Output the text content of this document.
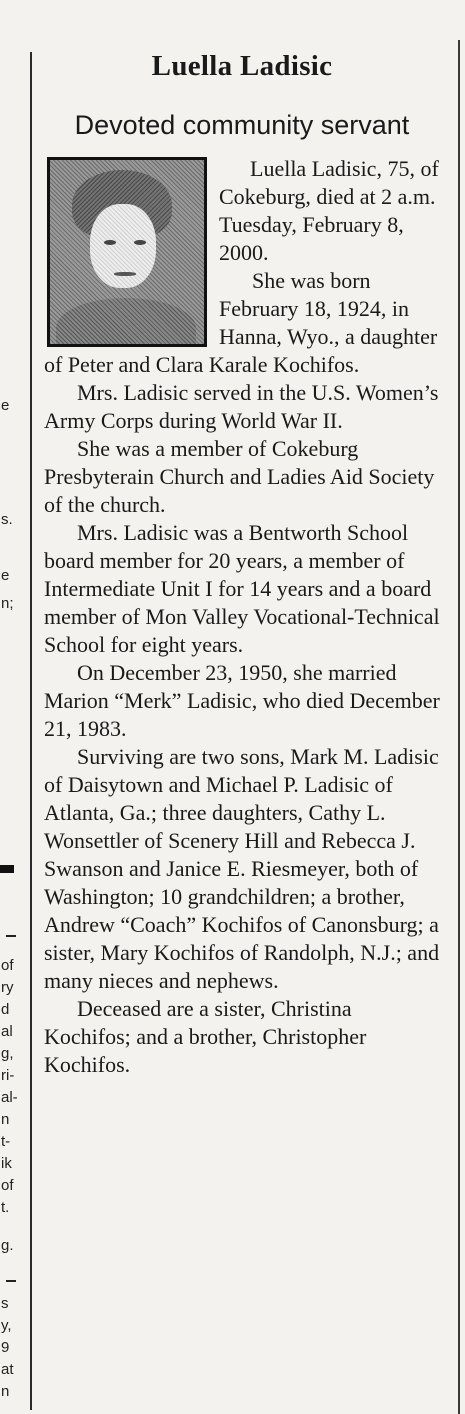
e
s.
e
n;
of
ry
d
al
g,
ri-
al-
n
t-
ik
of
t.
g.
s
y,
9
at
n
Luella Ladisic
Devoted community servant

Luella Ladisic, 75, of Cokeburg, died at 2 a.m. Tuesday, February 8, 2000.

She was born February 18, 1924, in Hanna, Wyo., a daughter of Peter and Clara Karale Kochifos.

Mrs. Ladisic served in the U.S. Women’s Army Corps during World War II.

She was a member of Cokeburg Presbyterain Church and Ladies Aid Society of the church.

Mrs. Ladisic was a Bentworth School board member for 20 years, a member of Intermediate Unit I for 14 years and a board member of Mon Valley Vocational-Technical School for eight years.

On December 23, 1950, she married Marion “Merk” Ladisic, who died December 21, 1983.

Surviving are two sons, Mark M. Ladisic of Daisytown and Michael P. Ladisic of Atlanta, Ga.; three daughters, Cathy L. Wonsettler of Scenery Hill and Rebecca J. Swanson and Janice E. Riesmeyer, both of Washington; 10 grandchildren; a brother, Andrew “Coach” Kochifos of Canonsburg; a sister, Mary Kochifos of Randolph, N.J.; and many nieces and nephews.

Deceased are a sister, Christina Kochifos; and a brother, Christopher Kochifos.
